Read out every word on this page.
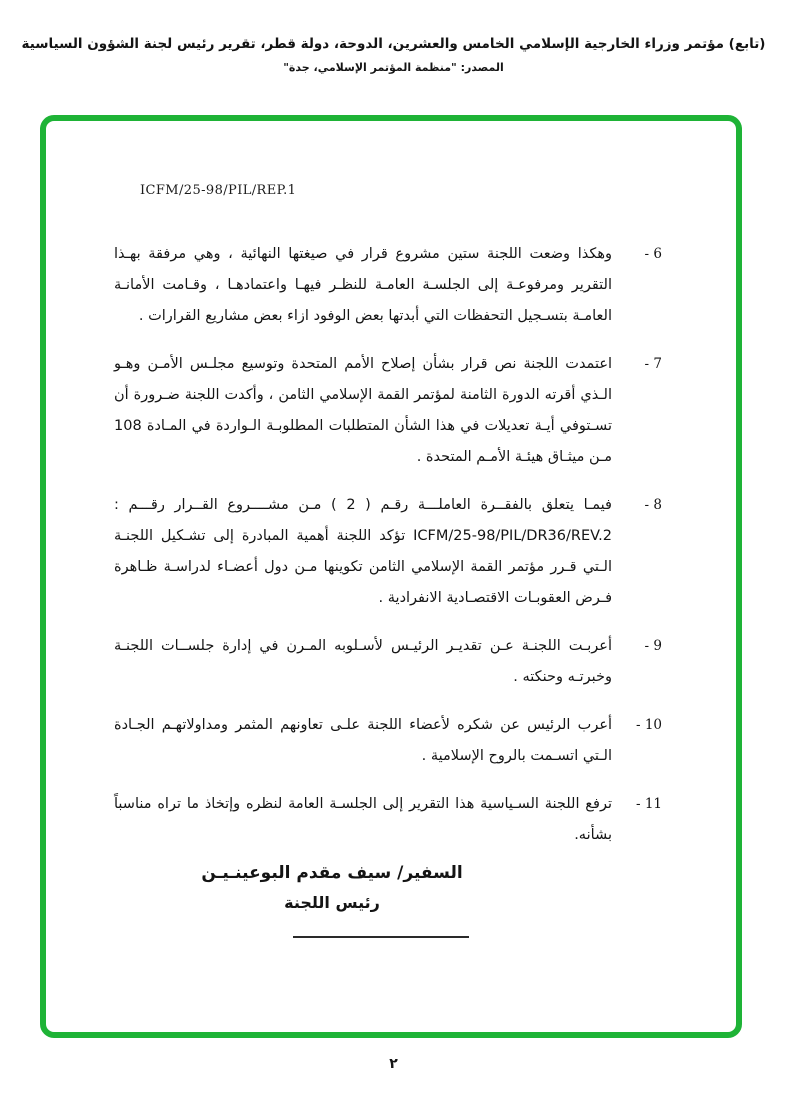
(تابع) مؤتمر وزراء الخارجية الإسلامي الخامس والعشرين، الدوحة، دولة قطر، تقرير رئيس لجنة الشؤون السياسية
المصدر: "منظمة المؤتمر الإسلامي، جدة"
ICFM/25-98/PIL/REP.1
6 -
وهكذا وضعت اللجنة ستين مشروع قرار في صيغتها النهائية ، وهي مرفقة بهـذا التقرير ومرفوعـة إلى الجلسـة العامـة للنظـر فيهـا واعتمادهـا ، وقـامت الأمانـة العامـة بتسـجيل التحفظات التي أبدتها بعض الوفود ازاء بعض مشاريع القرارات .
7 -
اعتمدت اللجنة نص قرار بشأن إصلاح الأمم المتحدة وتوسيع مجلـس الأمـن وهـو الـذي أقرته الدورة الثامنة لمؤتمر القمة الإسلامي الثامن ، وأكدت اللجنة ضـرورة أن تسـتوفي أيـة تعديلات في هذا الشأن المتطلبات المطلوبـة الـواردة في المـادة 108 مـن ميثـاق هيئـة الأمـم المتحدة .
8 -
فيمـا يتعلق بالفقــرة العاملـــة رقـم ( 2 ) مـن مشــــروع القــرار رقـــم : ICFM/25-98/PIL/DR36/REV.2 تؤكد اللجنة أهمية المبادرة إلى تشـكيل اللجنـة الـتي قـرر مؤتمر القمة الإسلامي الثامن تكوينها مـن دول أعضـاء لدراسـة ظـاهرة فـرض العقوبـات الاقتصـادية الانفرادية .
9 -
أعربـت اللجنـة عـن تقديـر الرئيـس لأسـلوبه المـرن في إدارة جلســات اللجنـة وخبرتـه وحنكته .
10 -
أعرب الرئيس عن شكره لأعضاء اللجنة علـى تعاونهم المثمر ومداولاتهـم الجـادة الـتي اتسـمت بالروح الإسلامية .
11 -
ترفع اللجنة السـياسية هذا التقرير إلى الجلسـة العامة لنظره وإتخاذ ما تراه مناسباً بشأنه.
السفير/ سيف مقدم البوعينـيـن
رئيس اللجنة
٢
